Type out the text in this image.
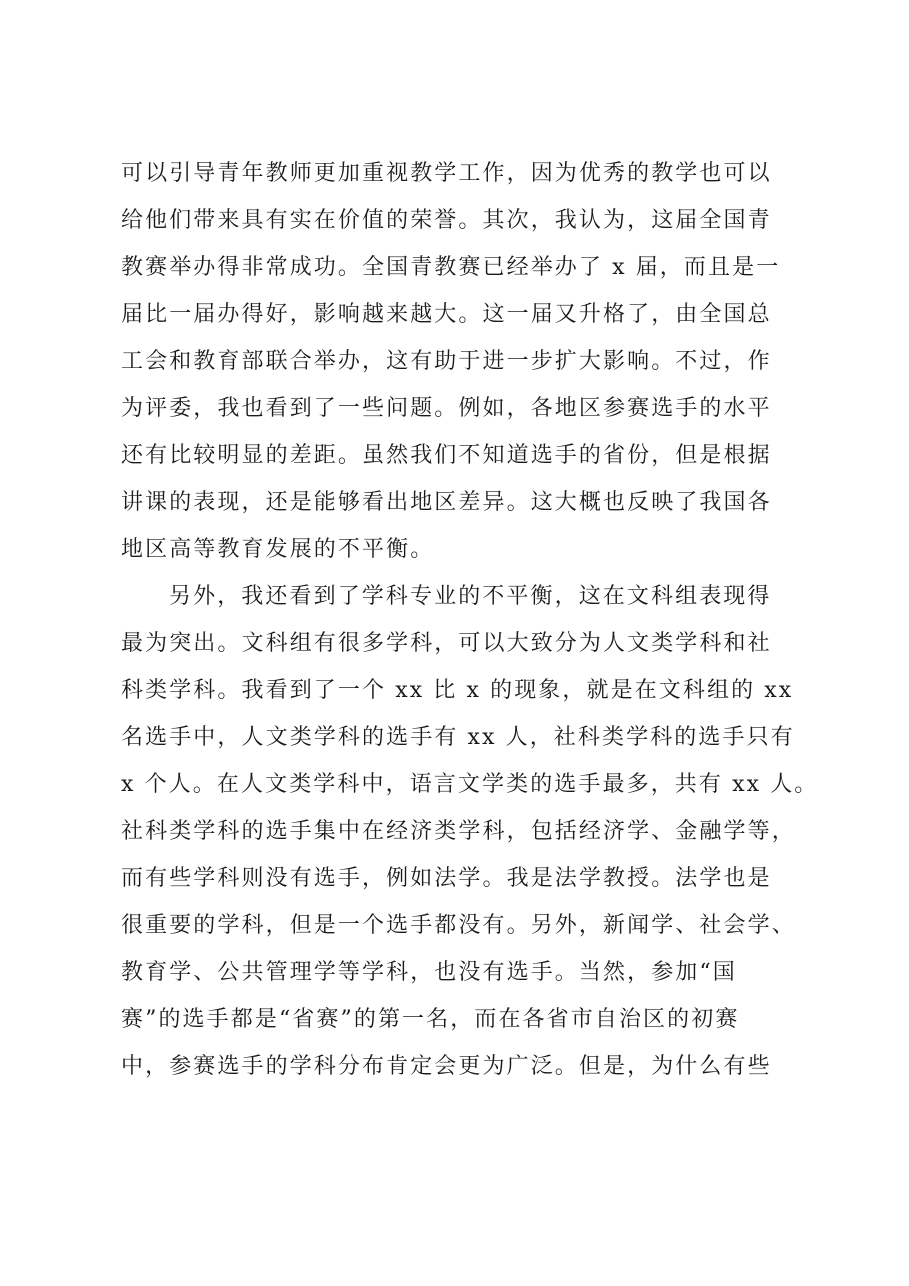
可以引导青年教师更加重视教学工作，因为优秀的教学也可以
给他们带来具有实在价值的荣誉。其次，我认为，这届全国青
教赛举办得非常成功。全国青教赛已经举办了 x 届，而且是一
届比一届办得好，影响越来越大。这一届又升格了，由全国总
工会和教育部联合举办，这有助于进一步扩大影响。不过，作
为评委，我也看到了一些问题。例如，各地区参赛选手的水平
还有比较明显的差距。虽然我们不知道选手的省份，但是根据
讲课的表现，还是能够看出地区差异。这大概也反映了我国各
地区高等教育发展的不平衡。
另外，我还看到了学科专业的不平衡，这在文科组表现得
最为突出。文科组有很多学科，可以大致分为人文类学科和社
科类学科。我看到了一个 xx 比 x 的现象，就是在文科组的 xx
名选手中，人文类学科的选手有 xx 人，社科类学科的选手只有
x 个人。在人文类学科中，语言文学类的选手最多，共有 xx 人。
社科类学科的选手集中在经济类学科，包括经济学、金融学等，
而有些学科则没有选手，例如法学。我是法学教授。法学也是
很重要的学科，但是一个选手都没有。另外，新闻学、社会学、
教育学、公共管理学等学科，也没有选手。当然，参加“国
赛”的选手都是“省赛”的第一名，而在各省市自治区的初赛
中，参赛选手的学科分布肯定会更为广泛。但是，为什么有些
